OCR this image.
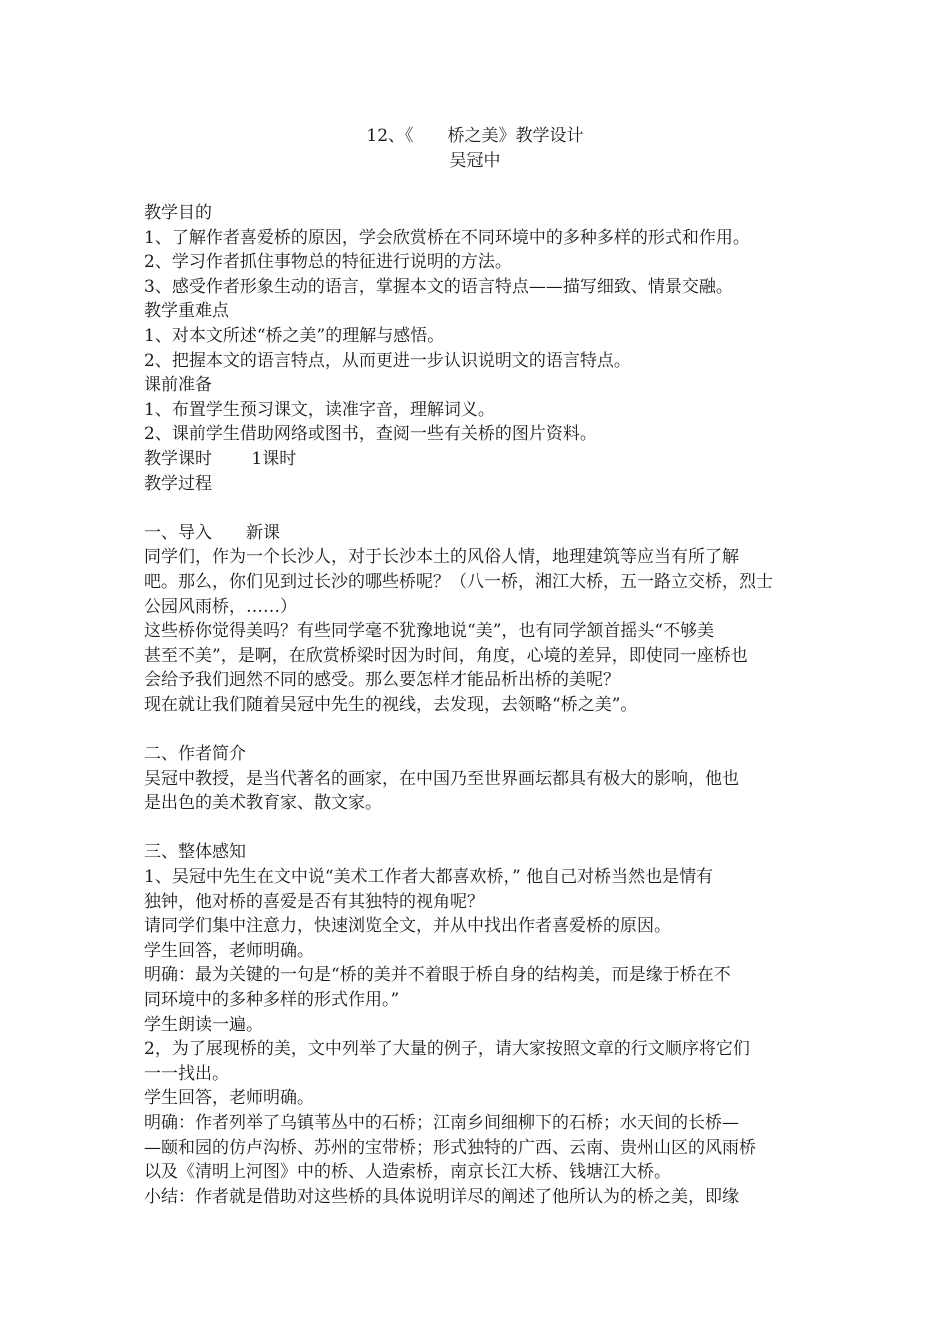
12、《　　桥之美》教学设计
吴冠中
教学目的
1、了解作者喜爱桥的原因，学会欣赏桥在不同环境中的多种多样的形式和作用。
2、学习作者抓住事物总的特征进行说明的方法。
3、感受作者形象生动的语言，掌握本文的语言特点——描写细致、情景交融。
教学重难点
1、对本文所述“桥之美”的理解与感悟。
2、把握本文的语言特点，从而更进一步认识说明文的语言特点。
课前准备
1、布置学生预习课文，读准字音，理解词义。
2、课前学生借助网络或图书，查阅一些有关桥的图片资料。
教学课时　　 1课时
教学过程
一、导入　　新课
同学们，作为一个长沙人，对于长沙本土的风俗人情，地理建筑等应当有所了解
吧。那么，你们见到过长沙的哪些桥呢？（八一桥，湘江大桥，五一路立交桥，烈士
公园风雨桥，……）
这些桥你觉得美吗？有些同学毫不犹豫地说“美”，也有同学颔首摇头“不够美
甚至不美”，是啊，在欣赏桥梁时因为时间，角度，心境的差异，即使同一座桥也
会给予我们迥然不同的感受。那么要怎样才能品析出桥的美呢？
现在就让我们随着吴冠中先生的视线，去发现，去领略“桥之美”。
二、作者简介
吴冠中教授，是当代著名的画家，在中国乃至世界画坛都具有极大的影响，他也
是出色的美术教育家、散文家。
三、整体感知
1、吴冠中先生在文中说“美术工作者大都喜欢桥，” 他自己对桥当然也是情有
独钟，他对桥的喜爱是否有其独特的视角呢？
请同学们集中注意力，快速浏览全文，并从中找出作者喜爱桥的原因。
学生回答，老师明确。
明确：最为关键的一句是“桥的美并不着眼于桥自身的结构美，而是缘于桥在不
同环境中的多种多样的形式作用。”
学生朗读一遍。
2，为了展现桥的美，文中列举了大量的例子，请大家按照文章的行文顺序将它们
一一找出。
学生回答，老师明确。
明确：作者列举了乌镇苇丛中的石桥；江南乡间细柳下的石桥；水天间的长桥—
—颐和园的仿卢沟桥、苏州的宝带桥；形式独特的广西、云南、贵州山区的风雨桥
以及《清明上河图》中的桥、人造索桥，南京长江大桥、钱塘江大桥。
小结：作者就是借助对这些桥的具体说明详尽的阐述了他所认为的桥之美，即缘
